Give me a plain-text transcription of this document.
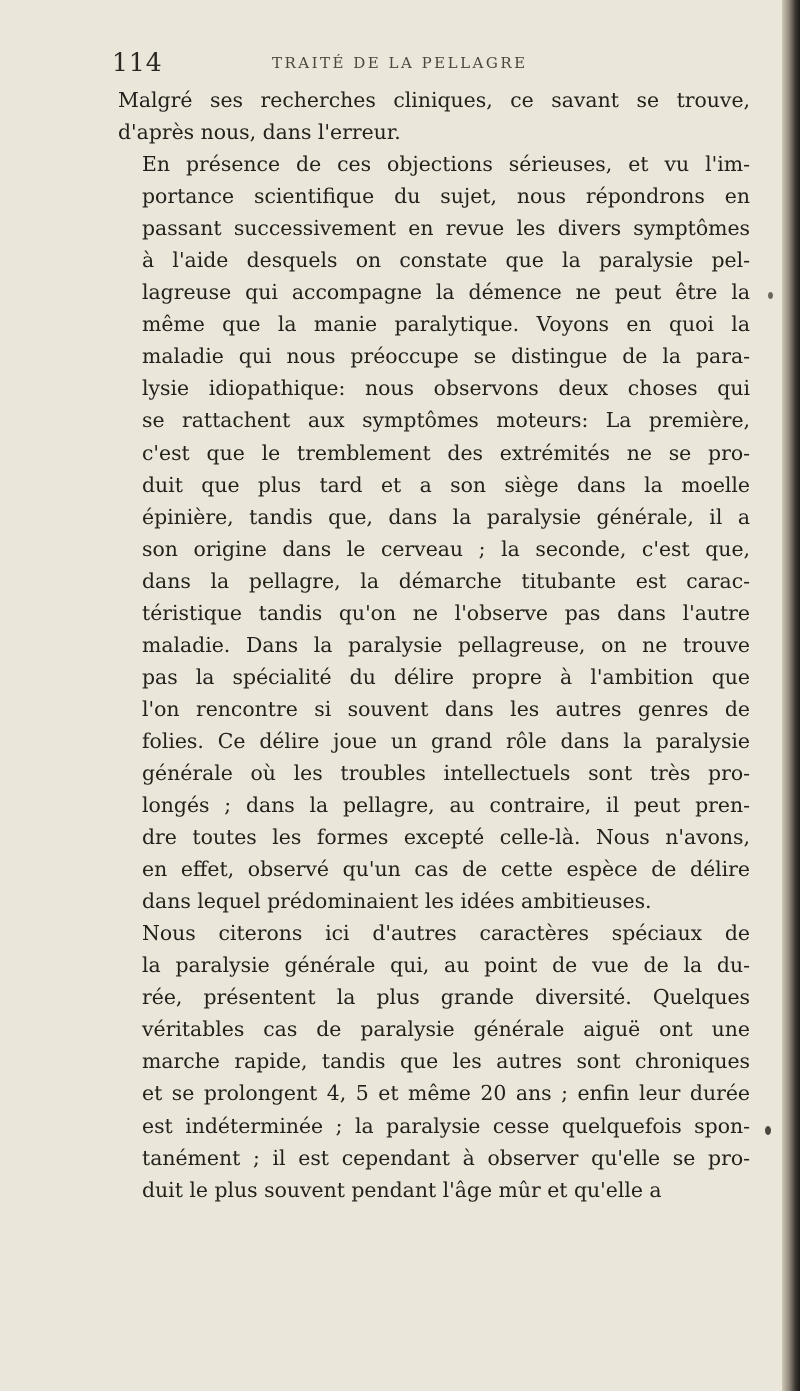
114	TRAITÉ DE LA PELLAGRE

Malgré ses recherches cliniques, ce savant se trouve,
d'après nous, dans l'erreur.

En présence de ces objections sérieuses, et vu l'im-
portance scientifique du sujet, nous répondrons en
passant successivement en revue les divers symptômes
à l'aide desquels on constate que la paralysie pel-
lagreuse qui accompagne la démence ne peut être la
même que la manie paralytique. Voyons en quoi la
maladie qui nous préoccupe se distingue de la para-
lysie idiopathique: nous observons deux choses qui
se rattachent aux symptômes moteurs: La première,
c'est que le tremblement des extrémités ne se pro-
duit que plus tard et a son siège dans la moelle
épinière, tandis que, dans la paralysie générale, il a
son origine dans le cerveau ; la seconde, c'est que,
dans la pellagre, la démarche titubante est carac-
téristique tandis qu'on ne l'observe pas dans l'autre
maladie. Dans la paralysie pellagreuse, on ne trouve
pas la spécialité du délire propre à l'ambition que
l'on rencontre si souvent dans les autres genres de
folies. Ce délire joue un grand rôle dans la paralysie
générale où les troubles intellectuels sont très pro-
longés ; dans la pellagre, au contraire, il peut pren-
dre toutes les formes excepté celle-là. Nous n'avons,
en effet, observé qu'un cas de cette espèce de délire
dans lequel prédominaient les idées ambitieuses.

Nous citerons ici d'autres caractères spéciaux de
la paralysie générale qui, au point de vue de la du-
rée, présentent la plus grande diversité. Quelques
véritables cas de paralysie générale aiguë ont une
marche rapide, tandis que les autres sont chroniques
et se prolongent 4, 5 et même 20 ans ; enfin leur durée
est indéterminée ; la paralysie cesse quelquefois spon-
tanément ; il est cependant à observer qu'elle se pro-
duit le plus souvent pendant l'âge mûr et qu'elle a
